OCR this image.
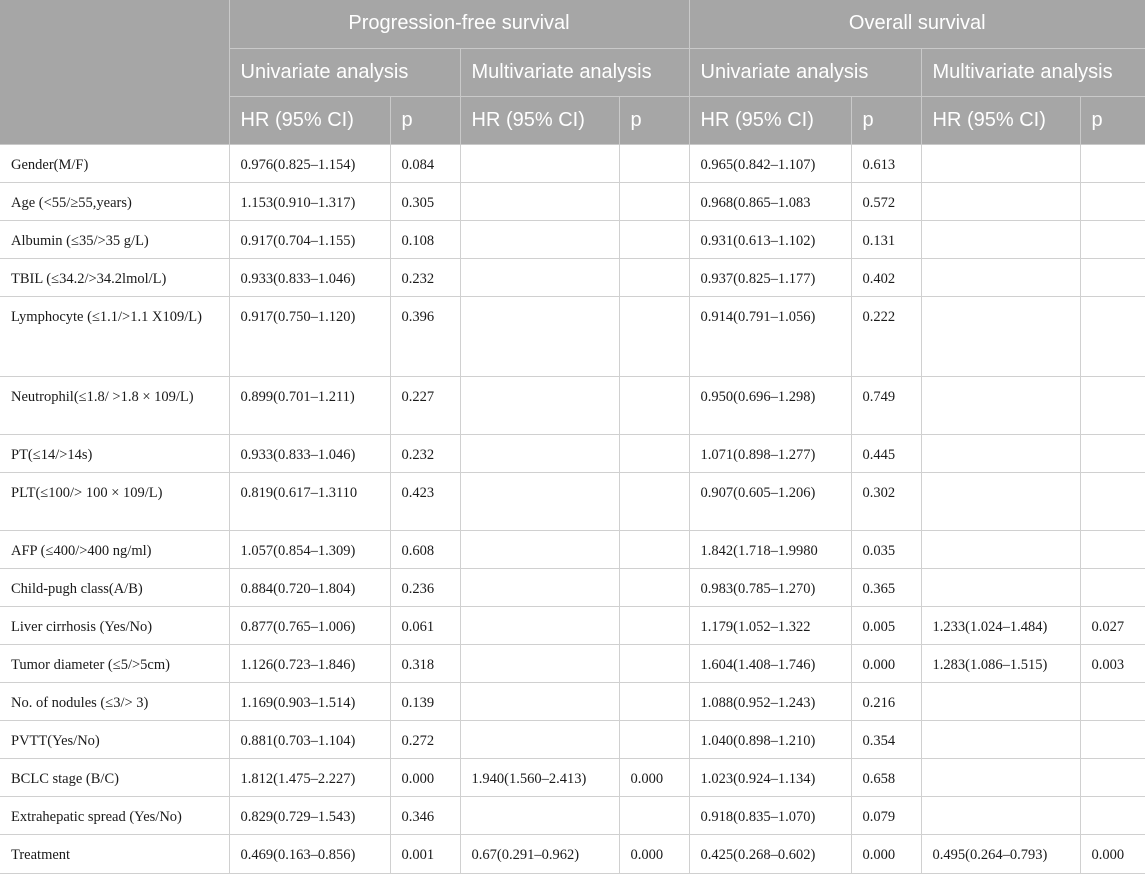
	Progression-free survival				Overall survival			
	Univariate analysis		Multivariate analysis		Univariate analysis		Multivariate analysis	
	HR (95% CI)	p	HR (95% CI)	p	HR (95% CI)	p	HR (95% CI)	p
Gender(M/F)	0.976(0.825–1.154)	0.084			0.965(0.842–1.107)	0.613		
Age (<55/≥55,years)	1.153(0.910–1.317)	0.305			0.968(0.865–1.083	0.572		
Albumin (≤35/>35 g/L)	0.917(0.704–1.155)	0.108			0.931(0.613–1.102)	0.131		
TBIL (≤34.2/>34.2lmol/L)	0.933(0.833–1.046)	0.232			0.937(0.825–1.177)	0.402		
Lymphocyte (≤1.1/>1.1 X109/L)	0.917(0.750–1.120)	0.396			0.914(0.791–1.056)	0.222		
Neutrophil(≤1.8/ >1.8 × 109/L)	0.899(0.701–1.211)	0.227			0.950(0.696–1.298)	0.749		
PT(≤14/>14s)	0.933(0.833–1.046)	0.232			1.071(0.898–1.277)	0.445		
PLT(≤100/> 100 × 109/L)	0.819(0.617–1.3110	0.423			0.907(0.605–1.206)	0.302		
AFP (≤400/>400 ng/ml)	1.057(0.854–1.309)	0.608			1.842(1.718–1.9980	0.035		
Child-pugh class(A/B)	0.884(0.720–1.804)	0.236			0.983(0.785–1.270)	0.365		
Liver cirrhosis (Yes/No)	0.877(0.765–1.006)	0.061			1.179(1.052–1.322	0.005	1.233(1.024–1.484)	0.027
Tumor diameter (≤5/>5cm)	1.126(0.723–1.846)	0.318			1.604(1.408–1.746)	0.000	1.283(1.086–1.515)	0.003
No. of nodules (≤3/> 3)	1.169(0.903–1.514)	0.139			1.088(0.952–1.243)	0.216		
PVTT(Yes/No)	0.881(0.703–1.104)	0.272			1.040(0.898–1.210)	0.354		
BCLC stage (B/C)	1.812(1.475–2.227)	0.000	1.940(1.560–2.413)	0.000	1.023(0.924–1.134)	0.658		
Extrahepatic spread (Yes/No)	0.829(0.729–1.543)	0.346			0.918(0.835–1.070)	0.079		
Treatment	0.469(0.163–0.856)	0.001	0.67(0.291–0.962)	0.000	0.425(0.268–0.602)	0.000	0.495(0.264–0.793)	0.000
